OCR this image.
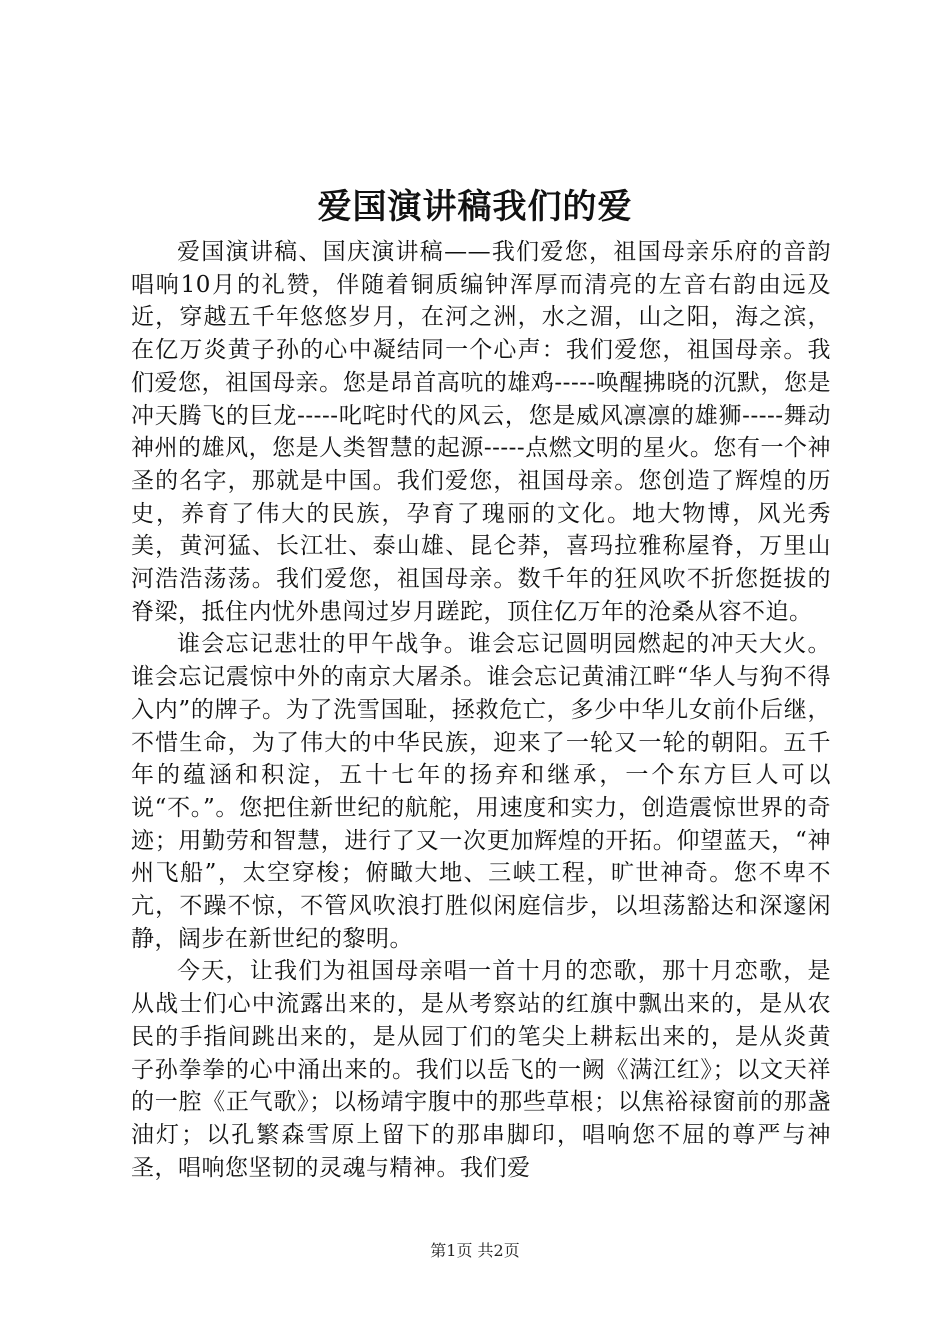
爱国演讲稿我们的爱

爱国演讲稿、国庆演讲稿——我们爱您，祖国母亲乐府的音韵唱响10月的礼赞，伴随着铜质编钟浑厚而清亮的左音右韵由远及近，穿越五千年悠悠岁月，在河之洲，水之湄，山之阳，海之滨，在亿万炎黄子孙的心中凝结同一个心声：我们爱您，祖国母亲。我们爱您，祖国母亲。您是昂首高吭的雄鸡-----唤醒拂晓的沉默，您是冲天腾飞的巨龙-----叱咤时代的风云，您是威风凛凛的雄狮-----舞动神州的雄风，您是人类智慧的起源-----点燃文明的星火。您有一个神圣的名字，那就是中国。我们爱您，祖国母亲。您创造了辉煌的历史，养育了伟大的民族，孕育了瑰丽的文化。地大物博，风光秀美，黄河猛、长江壮、泰山雄、昆仑莽，喜玛拉雅称屋脊，万里山河浩浩荡荡。我们爱您，祖国母亲。数千年的狂风吹不折您挺拔的脊梁，抵住内忧外患闯过岁月蹉跎，顶住亿万年的沧桑从容不迫。

谁会忘记悲壮的甲午战争。谁会忘记圆明园燃起的冲天大火。谁会忘记震惊中外的南京大屠杀。谁会忘记黄浦江畔“华人与狗不得入内”的牌子。为了洗雪国耻，拯救危亡，多少中华儿女前仆后继，不惜生命，为了伟大的中华民族，迎来了一轮又一轮的朝阳。五千年的蕴涵和积淀，五十七年的扬弃和继承，一个东方巨人可以说“不。”。您把住新世纪的航舵，用速度和实力，创造震惊世界的奇迹；用勤劳和智慧，进行了又一次更加辉煌的开拓。仰望蓝天，“神州飞船”，太空穿梭；俯瞰大地、三峡工程，旷世神奇。您不卑不亢，不躁不惊，不管风吹浪打胜似闲庭信步，以坦荡豁达和深邃闲静，阔步在新世纪的黎明。

今天，让我们为祖国母亲唱一首十月的恋歌，那十月恋歌，是从战士们心中流露出来的，是从考察站的红旗中飘出来的，是从农民的手指间跳出来的，是从园丁们的笔尖上耕耘出来的，是从炎黄子孙拳拳的心中涌出来的。我们以岳飞的一阙《满江红》；以文天祥的一腔《正气歌》；以杨靖宇腹中的那些草根；以焦裕禄窗前的那盏油灯；以孔繁森雪原上留下的那串脚印，唱响您不屈的尊严与神圣，唱响您坚韧的灵魂与精神。我们爱

第1页 共2页
